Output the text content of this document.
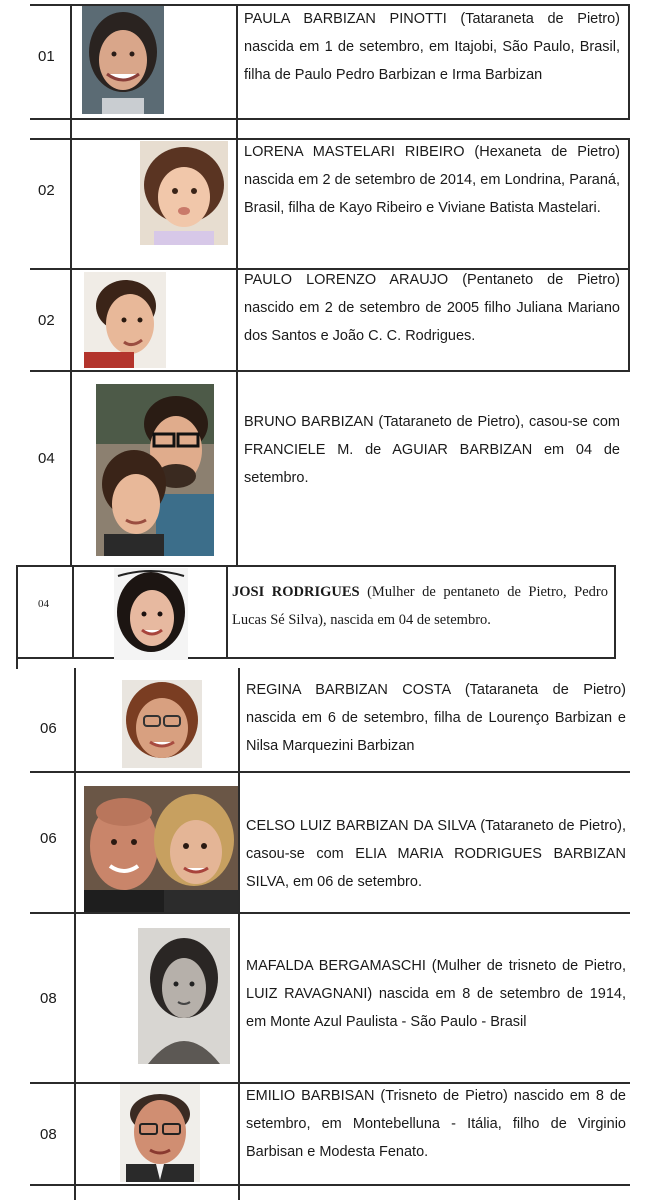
01
PAULA BARBIZAN PINOTTI (Tataraneta de Pietro) nascida em 1 de setembro, em Itajobi, São Paulo, Brasil, filha de Paulo Pedro Barbizan e Irma Barbizan
02
LORENA MASTELARI RIBEIRO (Hexaneta de Pietro) nascida em 2 de setembro de 2014, em Londrina, Paraná, Brasil, filha de Kayo Ribeiro e Viviane Batista Mastelari.
02
PAULO LORENZO ARAUJO (Pentaneto de Pietro) nascido em 2 de setembro de 2005 filho Juliana Mariano dos Santos e João C. C. Rodrigues.
04
BRUNO BARBIZAN (Tataraneto de Pietro), casou-se com FRANCIELE M. de AGUIAR BARBIZAN em 04 de setembro.
04
JOSI RODRIGUES (Mulher de pentaneto de Pietro, Pedro Lucas Sé Silva), nascida em 04 de setembro.
06
REGINA BARBIZAN COSTA (Tataraneta de Pietro) nascida em 6 de setembro, filha de Lourenço Barbizan e Nilsa Marquezini Barbizan
06
CELSO LUIZ BARBIZAN DA SILVA (Tataraneto de Pietro), casou-se com ELIA MARIA RODRIGUES BARBIZAN SILVA, em 06 de setembro.
08
MAFALDA BERGAMASCHI (Mulher de trisneto de Pietro, LUIZ RAVAGNANI) nascida em 8 de setembro de 1914, em Monte Azul Paulista - São Paulo - Brasil
08
EMILIO BARBISAN (Trisneto de Pietro) nascido em 8 de setembro, em Montebelluna - Itália, filho de Virginio Barbisan e Modesta Fenato.
